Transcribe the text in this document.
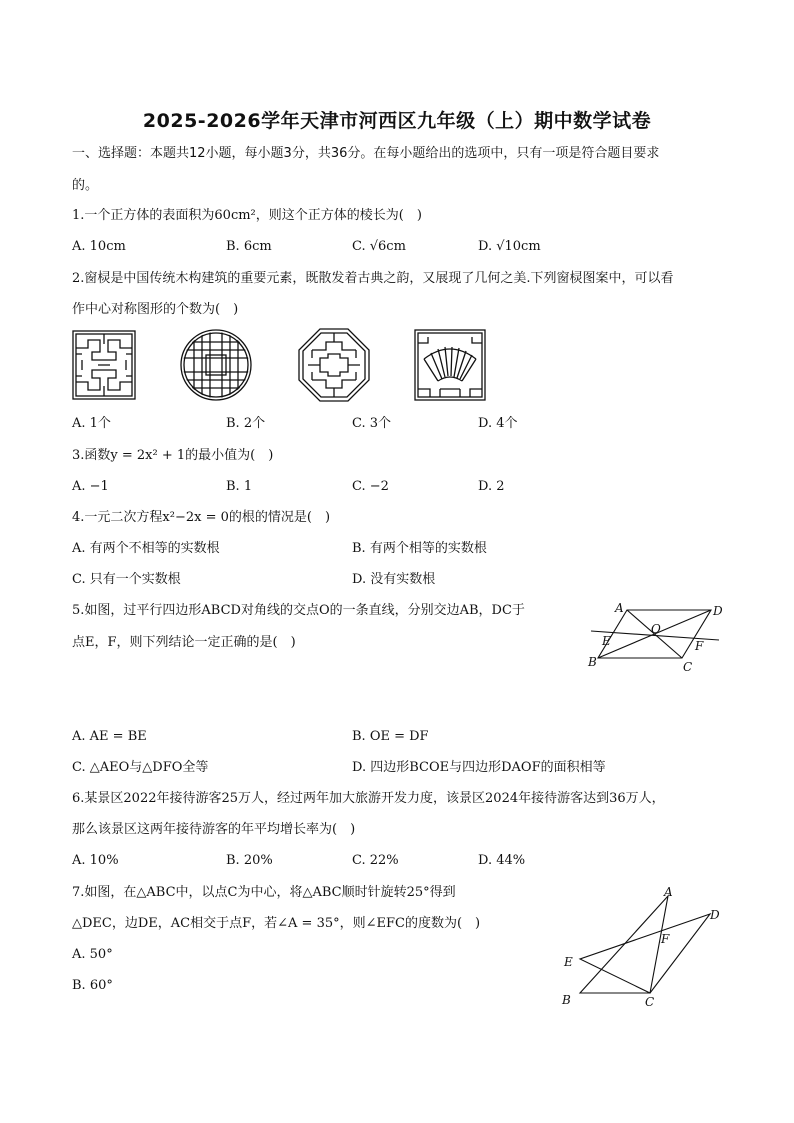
2025-2026学年天津市河西区九年级（上）期中数学试卷
一、选择题：本题共12小题，每小题3分，共36分。在每小题给出的选项中，只有一项是符合题目要求
的。
1.一个正方体的表面积为60cm²，则这个正方体的棱长为(　)
A. 10cm	B. 6cm	C. √6cm	D. √10cm
2.窗棂是中国传统木构建筑的重要元素，既散发着古典之韵，又展现了几何之美.下列窗棂图案中，可以看
作中心对称图形的个数为(　)
A. 1个	B. 2个	C. 3个	D. 4个
3.函数y = 2x² + 1的最小值为(　)
A. −1	B. 1	C. −2	D. 2
4.一元二次方程x²−2x = 0的根的情况是(　)
A. 有两个不相等的实数根	B. 有两个相等的实数根
C. 只有一个实数根	D. 没有实数根
5.如图，过平行四边形ABCD对角线的交点O的一条直线，分别交边AB，DC于
点E，F，则下列结论一定正确的是(　)
A	D
O
E	F
B	C
A. AE = BE	B. OE = DF
C. △AEO与△DFO全等	D. 四边形BCOE与四边形DAOF的面积相等
6.某景区2022年接待游客25万人，经过两年加大旅游开发力度，该景区2024年接待游客达到36万人，
那么该景区这两年接待游客的年平均增长率为(　)
A. 10%	B. 20%	C. 22%	D. 44%
7.如图，在△ABC中，以点C为中心，将△ABC顺时针旋转25°得到
△DEC，边DE，AC相交于点F，若∠A = 35°，则∠EFC的度数为(　)
A
D
F
E
B	C
A. 50°
B. 60°
